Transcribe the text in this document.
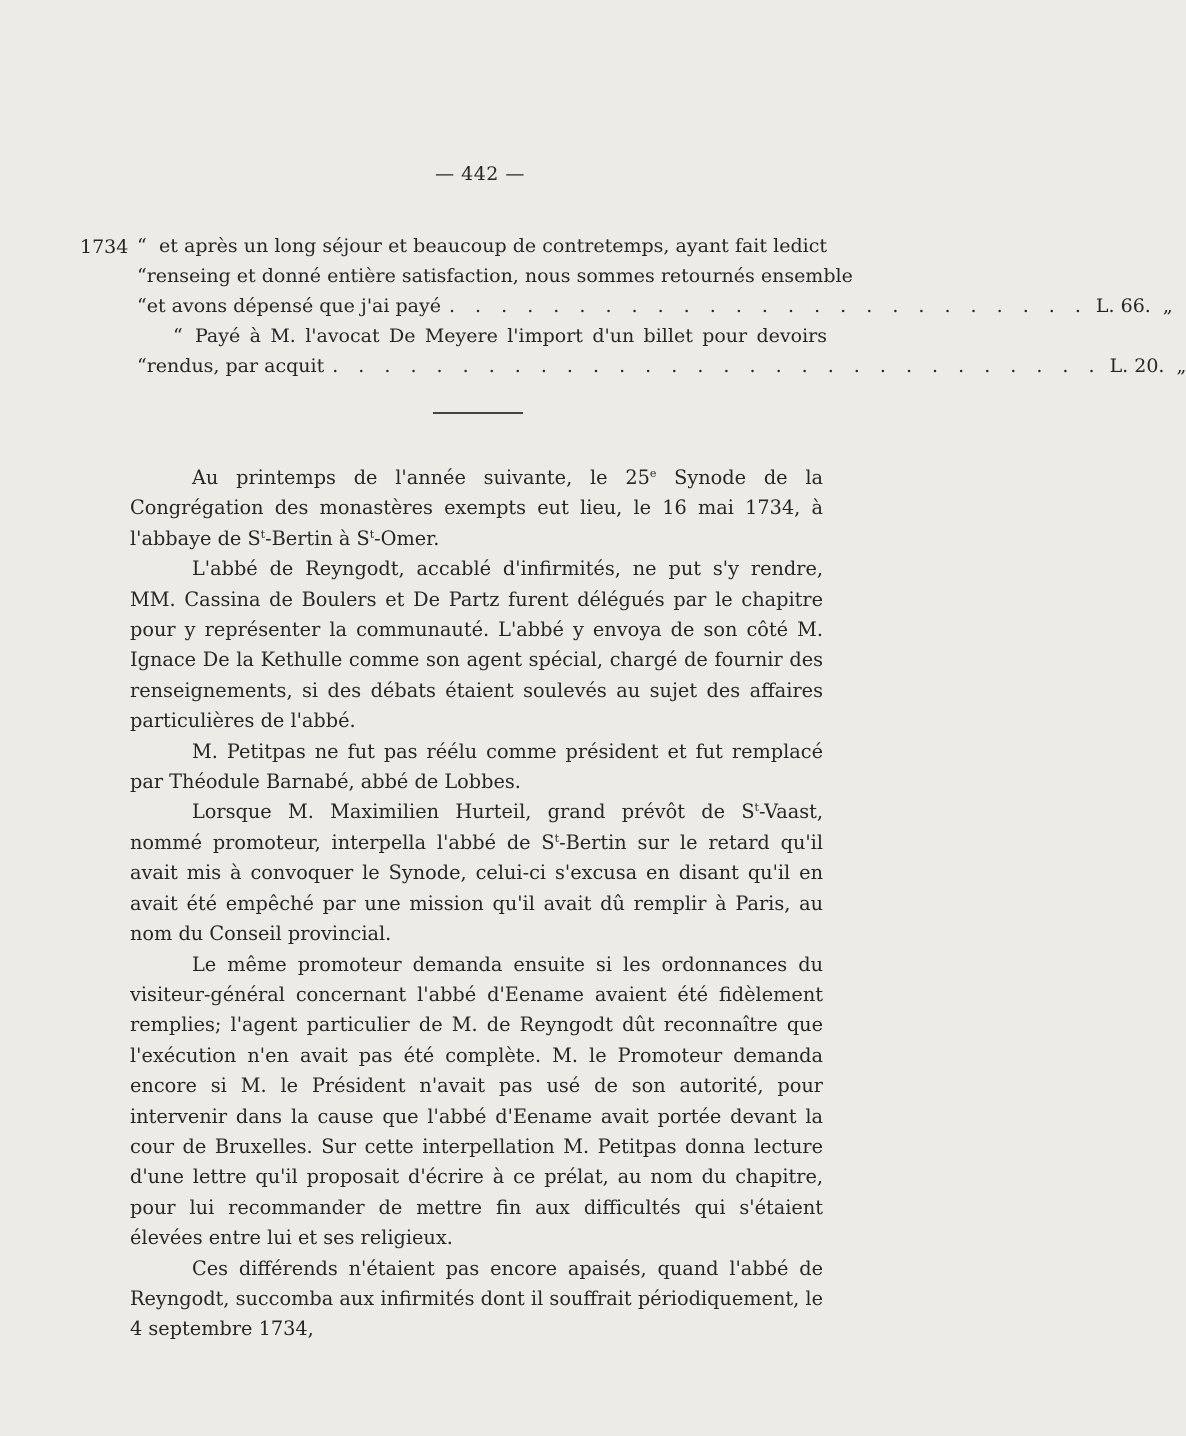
— 442 —
1734 “ et après un long séjour et beaucoup de contretemps, ayant fait ledict
“ renseing et donné entière satisfaction, nous sommes retournés ensemble
“ et avons dépensé que j'ai payé . . . . . . . . . . . . . . . . . . . . . . . . . L. 66. „
“ Payé à M. l'avocat De Meyere l'import d'un billet pour devoirs
“ rendus, par acquit . . . . . . . . . . . . . . . . . . . . . . . . . . . . . . L. 20. „

Au printemps de l'année suivante, le 25e Synode de la Congrégation des monastères exempts eut lieu, le 16 mai 1734, à l'abbaye de $S^t$-Bertin à $S^t$-Omer.

L'abbé de Reyngodt, accablé d'infirmités, ne put s'y rendre, MM. Cassina de Boulers et De Partz furent délégués par le chapitre pour y représenter la communauté. L'abbé y envoya de son côté M. Ignace De la Kethulle comme son agent spécial, chargé de fournir des renseignements, si des débats étaient soulevés au sujet des affaires particulières de l'abbé.

M. Petitpas ne fut pas réélu comme président et fut remplacé par Théodule Barnabé, abbé de Lobbes.

Lorsque M. Maximilien Hurteil, grand prévôt de $S^t$-Vaast, nommé promoteur, interpella l'abbé de $S^t$-Bertin sur le retard qu'il avait mis à convoquer le Synode, celui-ci s'excusa en disant qu'il en avait été empêché par une mission qu'il avait dû remplir à Paris, au nom du Conseil provincial.

Le même promoteur demanda ensuite si les ordonnances du visiteur-général concernant l'abbé d'Eename avaient été fidèlement remplies; l'agent particulier de M. de Reyngodt dût reconnaître que l'exécution n'en avait pas été complète. M. le Promoteur demanda encore si M. le Président n'avait pas usé de son autorité, pour intervenir dans la cause que l'abbé d'Eename avait portée devant la cour de Bruxelles. Sur cette interpellation M. Petitpas donna lecture d'une lettre qu'il proposait d'écrire à ce prélat, au nom du chapitre, pour lui recommander de mettre fin aux difficultés qui s'étaient élevées entre lui et ses religieux.

Ces différends n'étaient pas encore apaisés, quand l'abbé de Reyngodt, succomba aux infirmités dont il souffrait périodiquement, le 4 septembre 1734,
